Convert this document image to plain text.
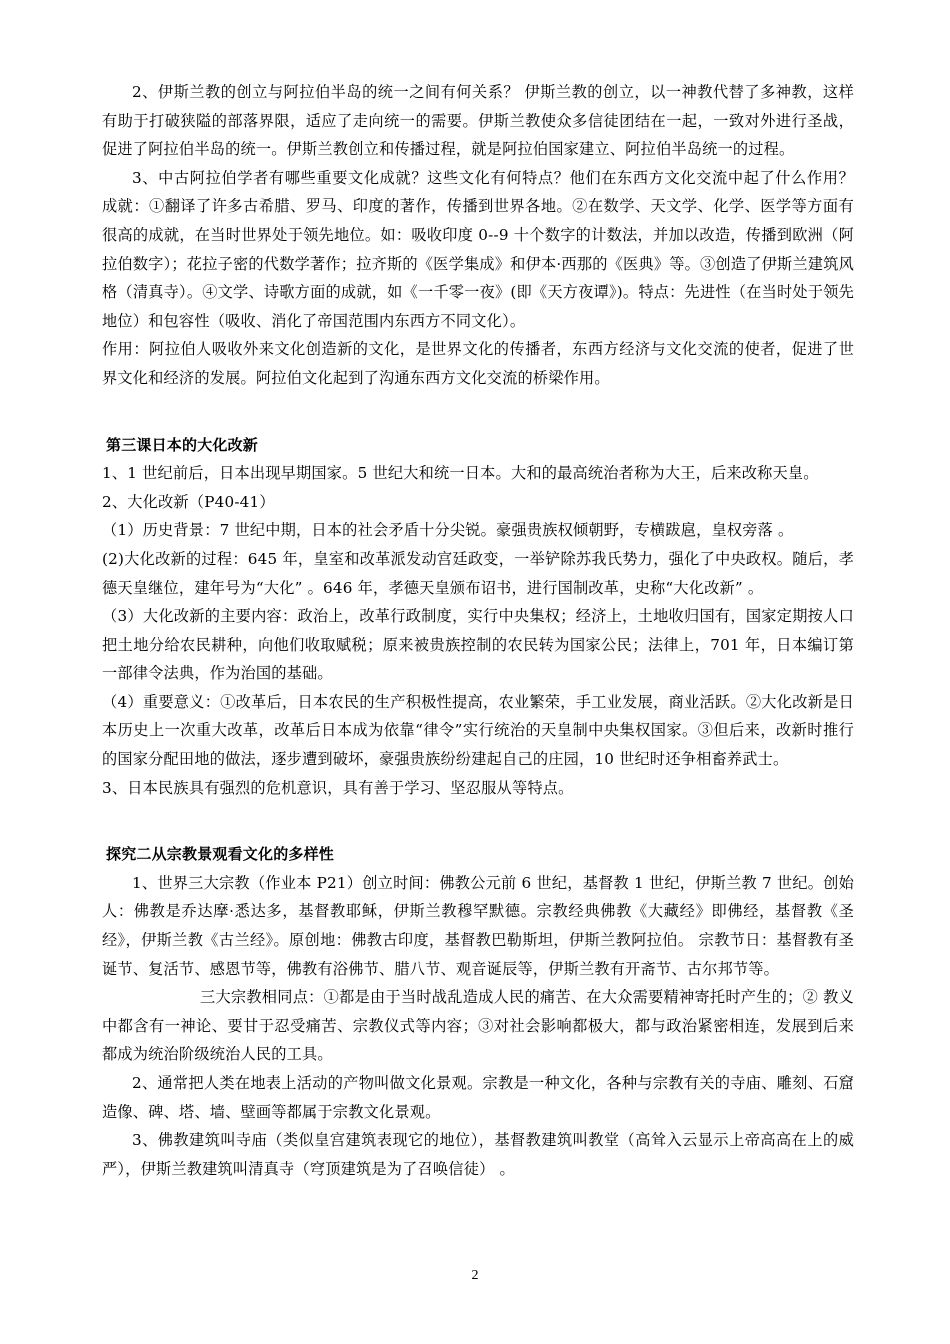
2、伊斯兰教的创立与阿拉伯半岛的统一之间有何关系？ 伊斯兰教的创立，以一神教代替了多神教，这样有助于打破狭隘的部落界限，适应了走向统一的需要。伊斯兰教使众多信徒团结在一起，一致对外进行圣战，促进了阿拉伯半岛的统一。伊斯兰教创立和传播过程，就是阿拉伯国家建立、阿拉伯半岛统一的过程。

3、中古阿拉伯学者有哪些重要文化成就？这些文化有何特点？他们在东西方文化交流中起了什么作用？ 成就：①翻译了许多古希腊、罗马、印度的著作，传播到世界各地。②在数学、天文学、化学、医学等方面有很高的成就，在当时世界处于领先地位。如：吸收印度 0--9 十个数字的计数法，并加以改造，传播到欧洲（阿拉伯数字）；花拉子密的代数学著作；拉齐斯的《医学集成》和伊本·西那的《医典》等。③创造了伊斯兰建筑风格（清真寺）。④文学、诗歌方面的成就，如《一千零一夜》(即《天方夜谭》)。特点：先进性（在当时处于领先地位）和包容性（吸收、消化了帝国范围内东西方不同文化）。

作用：阿拉伯人吸收外来文化创造新的文化，是世界文化的传播者，东西方经济与文化交流的使者，促进了世界文化和经济的发展。阿拉伯文化起到了沟通东西方文化交流的桥梁作用。

第三课日本的大化改新

1、1 世纪前后，日本出现早期国家。5 世纪大和统一日本。大和的最高统治者称为大王，后来改称天皇。

2、大化改新（P40-41）

（1）历史背景：7 世纪中期，日本的社会矛盾十分尖锐。豪强贵族权倾朝野，专横跋扈，皇权旁落 。

(2)大化改新的过程：645 年，皇室和改革派发动宫廷政变，一举铲除苏我氏势力，强化了中央政权。随后，孝德天皇继位，建年号为“大化” 。646 年，孝德天皇颁布诏书，进行国制改革，史称“大化改新” 。

（3）大化改新的主要内容：政治上，改革行政制度，实行中央集权；经济上，土地收归国有，国家定期按人口把土地分给农民耕种，向他们收取赋税；原来被贵族控制的农民转为国家公民；法律上，701 年，日本编订第一部律令法典，作为治国的基础。

（4）重要意义：①改革后，日本农民的生产积极性提高，农业繁荣，手工业发展，商业活跃。②大化改新是日本历史上一次重大改革，改革后日本成为依靠“律令”实行统治的天皇制中央集权国家。③但后来，改新时推行的国家分配田地的做法，逐步遭到破坏，豪强贵族纷纷建起自己的庄园，10 世纪时还争相畜养武士。

3、日本民族具有强烈的危机意识，具有善于学习、坚忍服从等特点。

探究二从宗教景观看文化的多样性

1、世界三大宗教（作业本 P21）创立时间：佛教公元前 6 世纪，基督教 1 世纪，伊斯兰教 7 世纪。创始人：佛教是乔达摩·悉达多，基督教耶稣，伊斯兰教穆罕默德。宗教经典佛教《大藏经》即佛经，基督教《圣经》，伊斯兰教《古兰经》。原创地：佛教古印度，基督教巴勒斯坦，伊斯兰教阿拉伯。 宗教节日：基督教有圣诞节、复活节、感恩节等，佛教有浴佛节、腊八节、观音诞辰等，伊斯兰教有开斋节、古尔邦节等。

三大宗教相同点：①都是由于当时战乱造成人民的痛苦、在大众需要精神寄托时产生的；② 教义中都含有一神论、要甘于忍受痛苦、宗教仪式等内容；③对社会影响都极大，都与政治紧密相连，发展到后来都成为统治阶级统治人民的工具。

2、通常把人类在地表上活动的产物叫做文化景观。宗教是一种文化，各种与宗教有关的寺庙、雕刻、石窟造像、碑、塔、墙、壁画等都属于宗教文化景观。

3、佛教建筑叫寺庙（类似皇宫建筑表现它的地位），基督教建筑叫教堂（高耸入云显示上帝高高在上的威严），伊斯兰教建筑叫清真寺（穹顶建筑是为了召唤信徒） 。

2
